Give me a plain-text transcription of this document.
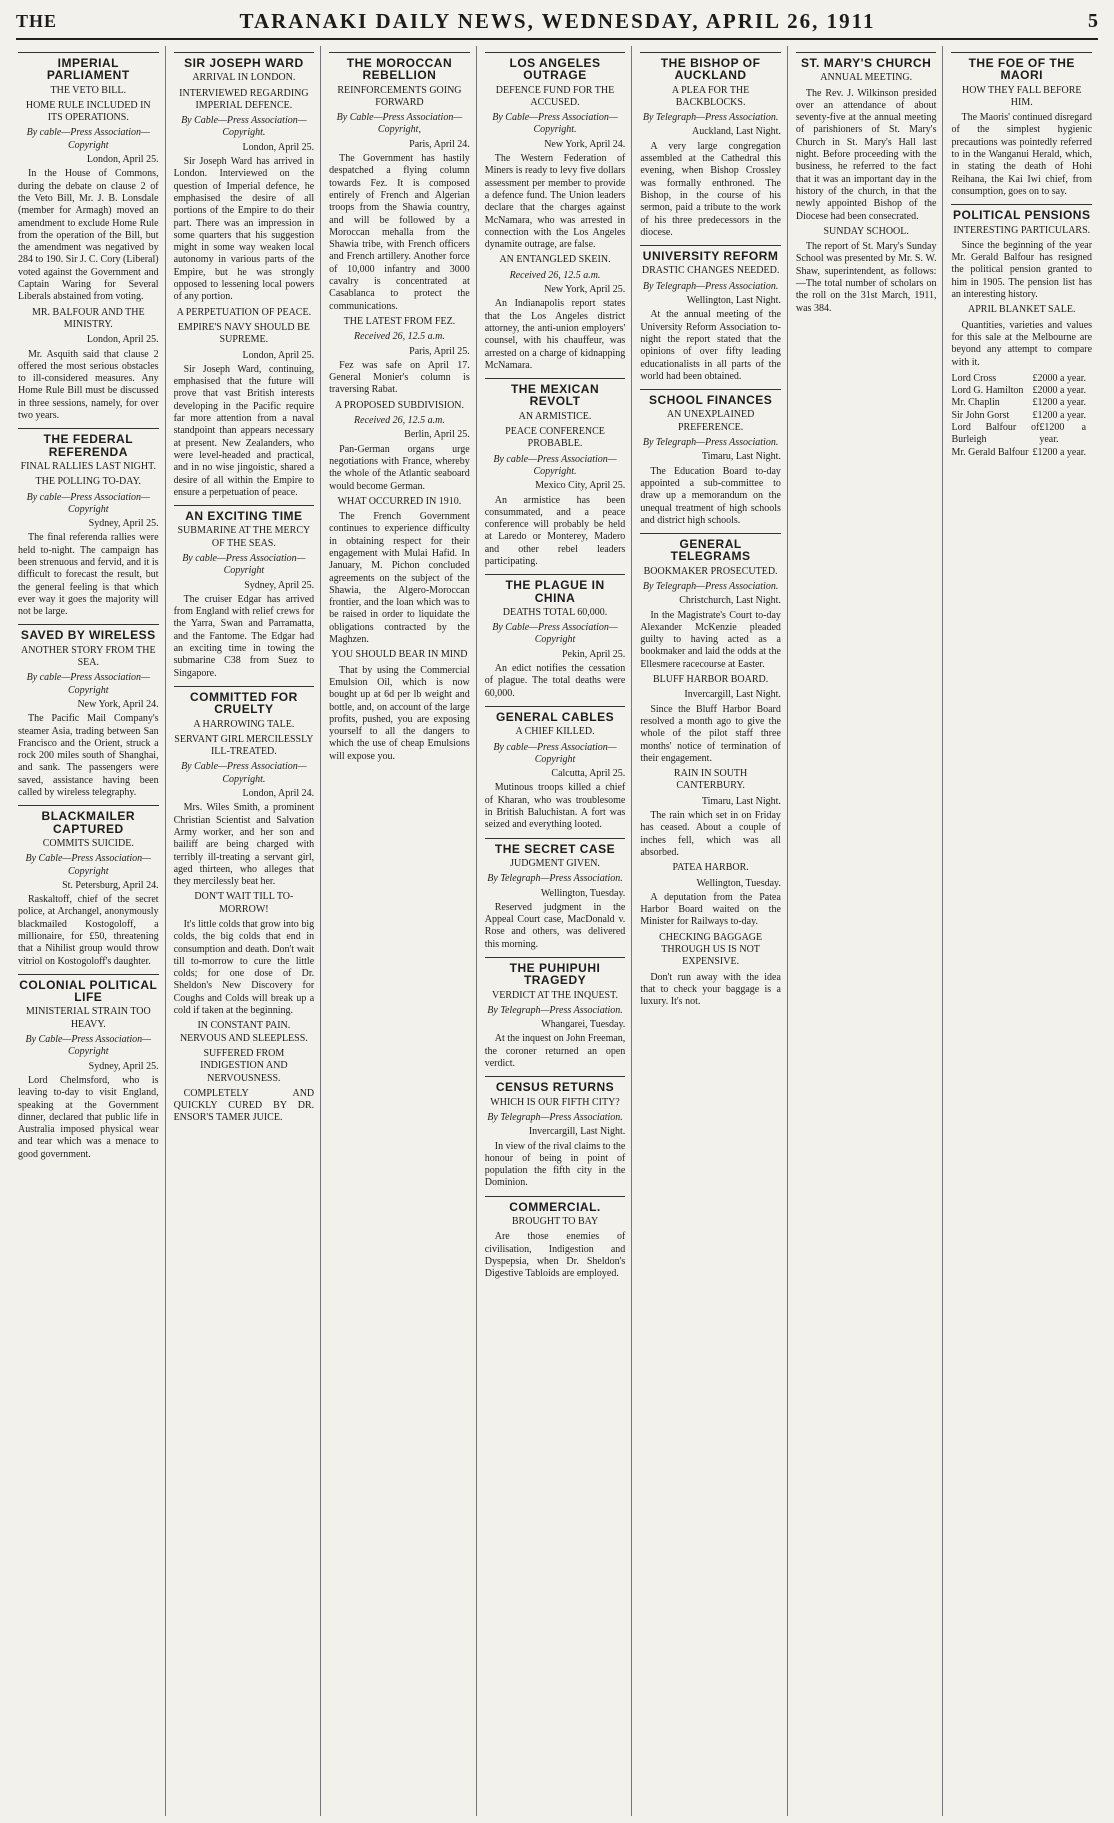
THE	TARANAKI DAILY NEWS, WEDNESDAY, APRIL 26, 1911	5
IMPERIAL PARLIAMENT
THE VETO BILL.
HOME RULE INCLUDED IN ITS OPERATIONS.
By cable—Press Association—Copyright
London, April 25.

In the House of Commons, during the debate on clause 2 of the Veto Bill, Mr. J. B. Lonsdale (member for Armagh) moved an amendment to exclude Home Rule from the operation of the Bill, but the amendment was negatived by 284 to 190. Sir J. C. Cory (Liberal) voted against the Government and Captain Waring for Several Liberals abstained from voting.

MR. BALFOUR AND THE MINISTRY.
London, April 25.

Mr. Asquith said that clause 2 offered the most serious obstacles to ill-considered measures. Any Home Rule Bill must be discussed in three sessions, namely, for over two years.

THE FEDERAL REFERENDA
FINAL RALLIES LAST NIGHT.
THE POLLING TO-DAY.
By cable—Press Association—Copyright
Sydney, April 25.

The final referenda rallies were held to-night. The campaign has been strenuous and fervid, and it is difficult to forecast the result, but the general feeling is that which ever way it goes the majority will not be large.

SAVED BY WIRELESS
ANOTHER STORY FROM THE SEA.
By cable—Press Association—Copyright
New York, April 24.

The Pacific Mail Company's steamer Asia, trading between San Francisco and the Orient, struck a rock 200 miles south of Shanghai, and sank. The passengers were saved, assistance having been called by wireless telegraphy.

BLACKMAILER CAPTURED
COMMITS SUICIDE.
By Cable—Press Association—Copyright
St. Petersburg, April 24.

Raskaltoff, chief of the secret police, at Archangel, anonymously blackmailed Kostogoloff, a millionaire, for £50, threatening that a Nihilist group would throw vitriol on Kostogoloff's daughter.

COLONIAL POLITICAL LIFE
MINISTERIAL STRAIN TOO HEAVY.
By Cable—Press Association—Copyright
Sydney, April 25.

Lord Chelmsford, who is leaving to-day to visit England, speaking at the Government dinner, declared that public life in Australia imposed physical wear and tear which was a menace to good government.

SIR JOSEPH WARD
ARRIVAL IN LONDON.
INTERVIEWED REGARDING IMPERIAL DEFENCE.
By Cable—Press Association—Copyright.
London, April 25.

Sir Joseph Ward has arrived in London. Interviewed on the question of Imperial defence, he emphasised the desire of all portions of the Empire to do their part. There was an impression in some quarters that his suggestion might in some way weaken local autonomy in various parts of the Empire, but he was strongly opposed to lessening local powers of any portion.

A PERPETUATION OF PEACE.
EMPIRE'S NAVY SHOULD BE SUPREME.
London, April 25.

Sir Joseph Ward, continuing, emphasised that the future will prove that vast British interests developing in the Pacific require far more attention from a naval standpoint than appears necessary at present. New Zealanders, who were level-headed and practical, and in no wise jingoistic, shared a desire of all within the Empire to ensure a perpetuation of peace.

AN EXCITING TIME
SUBMARINE AT THE MERCY OF THE SEAS.
By cable—Press Association—Copyright
Sydney, April 25.

The cruiser Edgar has arrived from England with relief crews for the Yarra, Swan and Parramatta, and the Fantome. The Edgar had an exciting time in towing the submarine C38 from Suez to Singapore.

COMMITTED FOR CRUELTY
A HARROWING TALE.
SERVANT GIRL MERCILESSLY ILL-TREATED.
By Cable—Press Association—Copyright.
London, April 24.

Mrs. Wiles Smith, a prominent Christian Scientist and Salvation Army worker, and her son and bailiff are being charged with terribly ill-treating a servant girl, aged thirteen, who alleges that they mercilessly beat her.

DON'T WAIT TILL TO-MORROW!

It's little colds that grow into big colds, the big colds that end in consumption and death. Don't wait till to-morrow to cure the little colds; for one dose of Dr. Sheldon's New Discovery for Coughs and Colds will break up a cold if taken at the beginning.

IN CONSTANT PAIN. NERVOUS AND SLEEPLESS.
SUFFERED FROM INDIGESTION AND NERVOUSNESS.

COMPLETELY AND QUICKLY CURED BY DR. ENSOR'S TAMER JUICE.

THE MOROCCAN REBELLION
REINFORCEMENTS GOING FORWARD
By Cable—Press Association—Copyright,
Paris, April 24.

The Government has hastily despatched a flying column towards Fez. It is composed entirely of French and Algerian troops from the Shawia country, and will be followed by a Moroccan mehalla from the Shawia tribe, with French officers and French artillery. Another force of 10,000 infantry and 3000 cavalry is concentrated at Casablanca to protect the communications.

THE LATEST FROM FEZ.
Received 26, 12.5 a.m.
Paris, April 25.

Fez was safe on April 17. General Monier's column is traversing Rabat.

A PROPOSED SUBDIVISION.
Received 26, 12.5 a.m.
Berlin, April 25.

Pan-German organs urge negotiations with France, whereby the whole of the Atlantic seaboard would become German.

WHAT OCCURRED IN 1910.

The French Government continues to experience difficulty in obtaining respect for their engagement with Mulai Hafid. In January, M. Pichon concluded agreements on the subject of the Shawia, the Algero-Moroccan frontier, and the loan which was to be raised in order to liquidate the obligations contracted by the Maghzen.

YOU SHOULD BEAR IN MIND

That by using the Commercial Emulsion Oil, which is now bought up at 6d per lb weight and bottle, and, on account of the large profits, pushed, you are exposing yourself to all the dangers to which the use of cheap Emulsions will expose you.

LOS ANGELES OUTRAGE
DEFENCE FUND FOR THE ACCUSED.
By Cable—Press Association—Copyright.
New York, April 24.

The Western Federation of Miners is ready to levy five dollars assessment per member to provide a defence fund. The Union leaders declare that the charges against McNamara, who was arrested in connection with the Los Angeles dynamite outrage, are false.

AN ENTANGLED SKEIN.
Received 26, 12.5 a.m.
New York, April 25.

An Indianapolis report states that the Los Angeles district attorney, the anti-union employers' counsel, with his chauffeur, was arrested on a charge of kidnapping McNamara.

THE MEXICAN REVOLT
AN ARMISTICE.
PEACE CONFERENCE PROBABLE.
By cable—Press Association—Copyright.
Mexico City, April 25.

An armistice has been consummated, and a peace conference will probably be held at Laredo or Monterey, Madero and other rebel leaders participating.

THE PLAGUE IN CHINA
DEATHS TOTAL 60,000.
By Cable—Press Association—Copyright
Pekin, April 25.

An edict notifies the cessation of plague. The total deaths were 60,000.

GENERAL CABLES
A CHIEF KILLED.
By cable—Press Association—Copyright
Calcutta, April 25.

Mutinous troops killed a chief of Kharan, who was troublesome in British Baluchistan. A fort was seized and everything looted.

THE SECRET CASE
JUDGMENT GIVEN.
By Telegraph—Press Association.
Wellington, Tuesday.

Reserved judgment in the Appeal Court case, MacDonald v. Rose and others, was delivered this morning.

THE PUHIPUHI TRAGEDY
VERDICT AT THE INQUEST.
By Telegraph—Press Association.
Whangarei, Tuesday.

At the inquest on John Freeman, the coroner returned an open verdict.

CENSUS RETURNS
WHICH IS OUR FIFTH CITY?
By Telegraph—Press Association.
Invercargill, Last Night.

In view of the rival claims to the honour of being in point of population the fifth city in the Dominion.

COMMERCIAL.
BROUGHT TO BAY

Are those enemies of civilisation, Indigestion and Dyspepsia, when Dr. Sheldon's Digestive Tabloids are employed.

THE BISHOP OF AUCKLAND
A PLEA FOR THE BACKBLOCKS.
By Telegraph—Press Association.
Auckland, Last Night.

A very large congregation assembled at the Cathedral this evening, when Bishop Crossley was formally enthroned. The Bishop, in the course of his sermon, paid a tribute to the work of his three predecessors in the diocese.

UNIVERSITY REFORM
DRASTIC CHANGES NEEDED.
By Telegraph—Press Association.
Wellington, Last Night.

At the annual meeting of the University Reform Association to-night the report stated that the opinions of over fifty leading educationalists in all parts of the world had been obtained.

SCHOOL FINANCES
AN UNEXPLAINED PREFERENCE.
By Telegraph—Press Association.
Timaru, Last Night.

The Education Board to-day appointed a sub-committee to draw up a memorandum on the unequal treatment of high schools and district high schools.

GENERAL TELEGRAMS
BOOKMAKER PROSECUTED.
By Telegraph—Press Association.
Christchurch, Last Night.

In the Magistrate's Court to-day Alexander McKenzie pleaded guilty to having acted as a bookmaker and laid the odds at the Ellesmere racecourse at Easter.

BLUFF HARBOR BOARD.
Invercargill, Last Night.

Since the Bluff Harbor Board resolved a month ago to give the whole of the pilot staff three months' notice of termination of their engagement.

RAIN IN SOUTH CANTERBURY.
Timaru, Last Night.

The rain which set in on Friday has ceased. About a couple of inches fell, which was all absorbed.

PATEA HARBOR.
Wellington, Tuesday.

A deputation from the Patea Harbor Board waited on the Minister for Railways to-day.

CHECKING BAGGAGE THROUGH US IS NOT EXPENSIVE.

Don't run away with the idea that to check your baggage is a luxury. It's not.

ST. MARY'S CHURCH
ANNUAL MEETING.

The Rev. J. Wilkinson presided over an attendance of about seventy-five at the annual meeting of parishioners of St. Mary's Church in St. Mary's Hall last night. Before proceeding with the business, he referred to the fact that it was an important day in the history of the church, in that the newly appointed Bishop of the Diocese had been consecrated.

SUNDAY SCHOOL.

The report of St. Mary's Sunday School was presented by Mr. S. W. Shaw, superintendent, as follows:—The total number of scholars on the roll on the 31st March, 1911, was 384.

THE FOE OF THE MAORI
HOW THEY FALL BEFORE HIM.

The Maoris' continued disregard of the simplest hygienic precautions was pointedly referred to in the Wanganui Herald, which, in stating the death of Hohi Reihana, the Kai Iwi chief, from consumption, goes on to say.

POLITICAL PENSIONS
INTERESTING PARTICULARS.

Since the beginning of the year Mr. Gerald Balfour has resigned the political pension granted to him in 1905. The pension list has an interesting history.

APRIL BLANKET SALE.

Quantities, varieties and values for this sale at the Melbourne are beyond any attempt to compare with it.

Lord Cross	£2000 a year.
Lord G. Hamilton £2000 a year.
Mr. Chaplin	£1200 a year.
Sir John Gorst £1200 a year.
Lord Balfour of Burleigh
£1200 a year.
Mr. Gerald Balfour £1200 a year.
